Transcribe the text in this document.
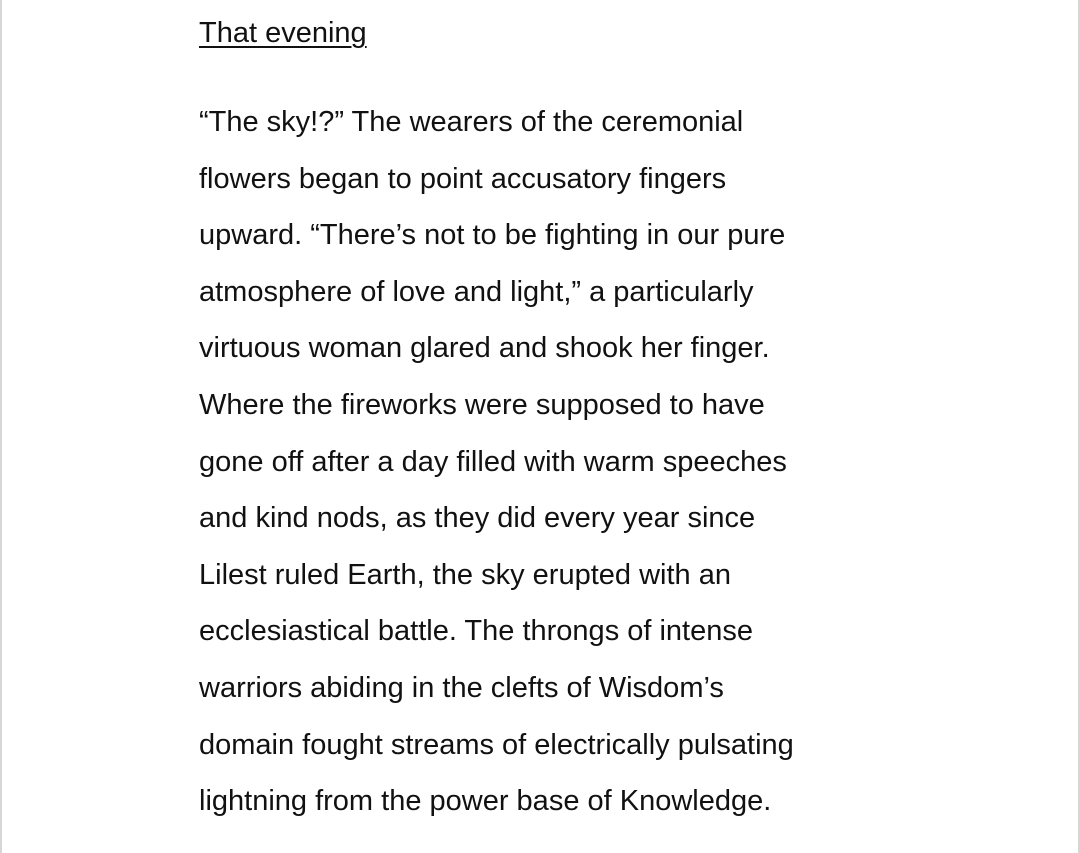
That evening
“The sky!?” The wearers of the ceremonial
flowers began to point accusatory fingers
upward. “There’s not to be fighting in our pure
atmosphere of love and light,” a particularly
virtuous woman glared and shook her finger.
Where the fireworks were supposed to have
gone off after a day filled with warm speeches
and kind nods, as they did every year since
Lilest ruled Earth, the sky erupted with an
ecclesiastical battle. The throngs of intense
warriors abiding in the clefts of Wisdom’s
domain fought streams of electrically pulsating
lightning from the power base of Knowledge.
